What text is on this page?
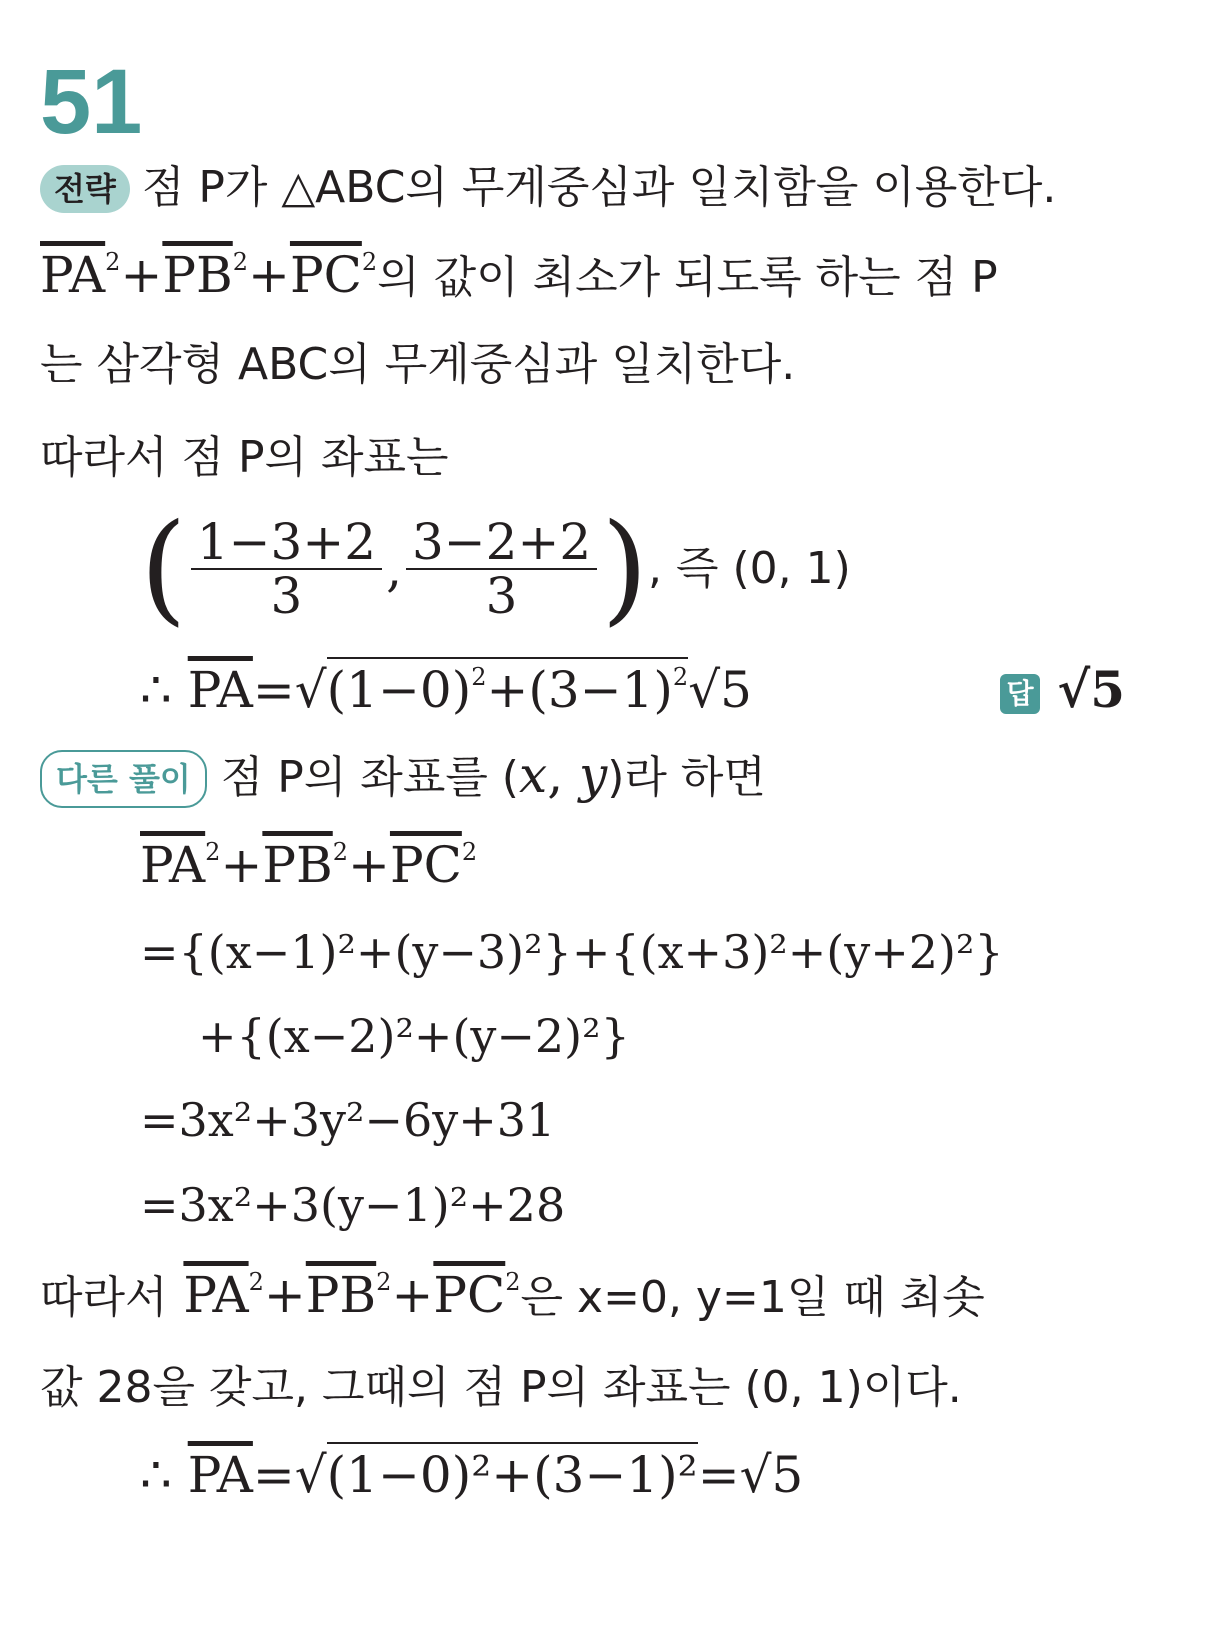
51
전략 점 P가 △ABC의 무게중심과 일치함을 이용한다.
$\overline{PA}^2+\overline{PB}^2+\overline{PC}^2$의 값이 최소가 되도록 하는 점 P
는 삼각형 ABC의 무게중심과 일치한다.
따라서 점 P의 좌표는
( $\frac{1-3+2}{3}$ , $\frac{3-2+2}{3}$ ), 즉 (0, 1)
∴ $\overline{PA}=√(1-0)^2+(3-1)^2√5$	답 √5
다른 풀이 점 P의 좌표를 (x, y)라 하면
$\overline{PA}^2+\overline{PB}^2+\overline{PC}^2$
={(x−1)²+(y−3)²}+{(x+3)²+(y+2)²}
+{(x−2)²+(y−2)²}
=3x²+3y²−6y+31
=3x²+3(y−1)²+28
따라서 $\overline{PA}^2+\overline{PB}^2+\overline{PC}^2$은 x=0, y=1일 때 최솟
값 28을 갖고, 그때의 점 P의 좌표는 (0, 1)이다.
∴ $\overline{PA}=√(1-0)^2+(3-1)^2=√5$
